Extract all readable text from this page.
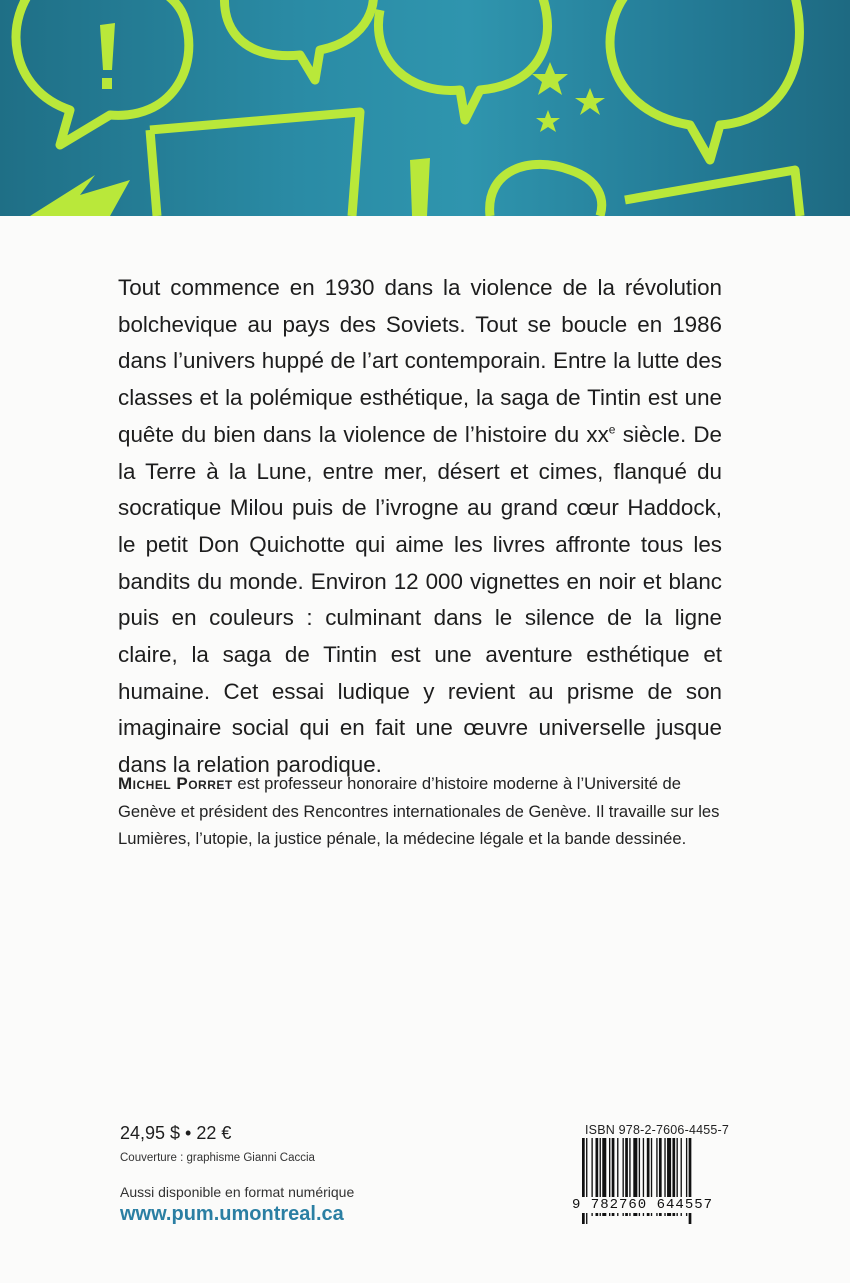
Tout commence en 1930 dans la violence de la révolution bolchevique au pays des Soviets. Tout se boucle en 1986 dans l’univers huppé de l’art contemporain. Entre la lutte des classes et la polémique esthétique, la saga de Tintin est une quête du bien dans la violence de l’histoire du $xx^e$ siècle. De la Terre à la Lune, entre mer, désert et cimes, flanqué du socratique Milou puis de l’ivrogne au grand cœur Haddock, le petit Don Quichotte qui aime les livres affronte tous les bandits du monde. Environ 12 000 vignettes en noir et blanc puis en couleurs : culminant dans le silence de la ligne claire, la saga de Tintin est une aventure esthétique et humaine. Cet essai ludique y revient au prisme de son imaginaire social qui en fait une œuvre universelle jusque dans la relation parodique.

Michel Porret est professeur honoraire d’histoire moderne à l’Université de Genève et président des Rencontres internationales de Genève. Il travaille sur les Lumières, l’utopie, la justice pénale, la médecine légale et la bande dessinée.

24,95 $ • 22 €
Couverture : graphisme Gianni Caccia
Aussi disponible en format numérique
www.pum.umontreal.ca
ISBN 978-2-7606-4455-7
9 782760 644557
